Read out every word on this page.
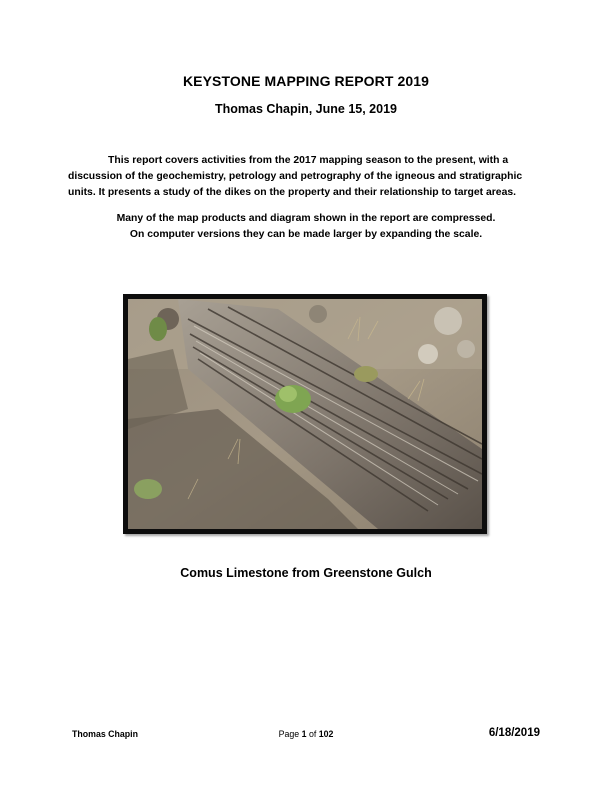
KEYSTONE MAPPING REPORT 2019
Thomas Chapin, June 15, 2019
This report covers activities from the 2017 mapping season to the present, with a
discussion of the geochemistry, petrology and petrography of the igneous and stratigraphic
units. It presents a study of the dikes on the property and their relationship to target areas.
Many of the map products and diagram shown in the report are compressed.
On computer versions they can be made larger by expanding the scale.
Comus Limestone from Greenstone Gulch
Thomas Chapin	Page 1 of 102	6/18/2019
